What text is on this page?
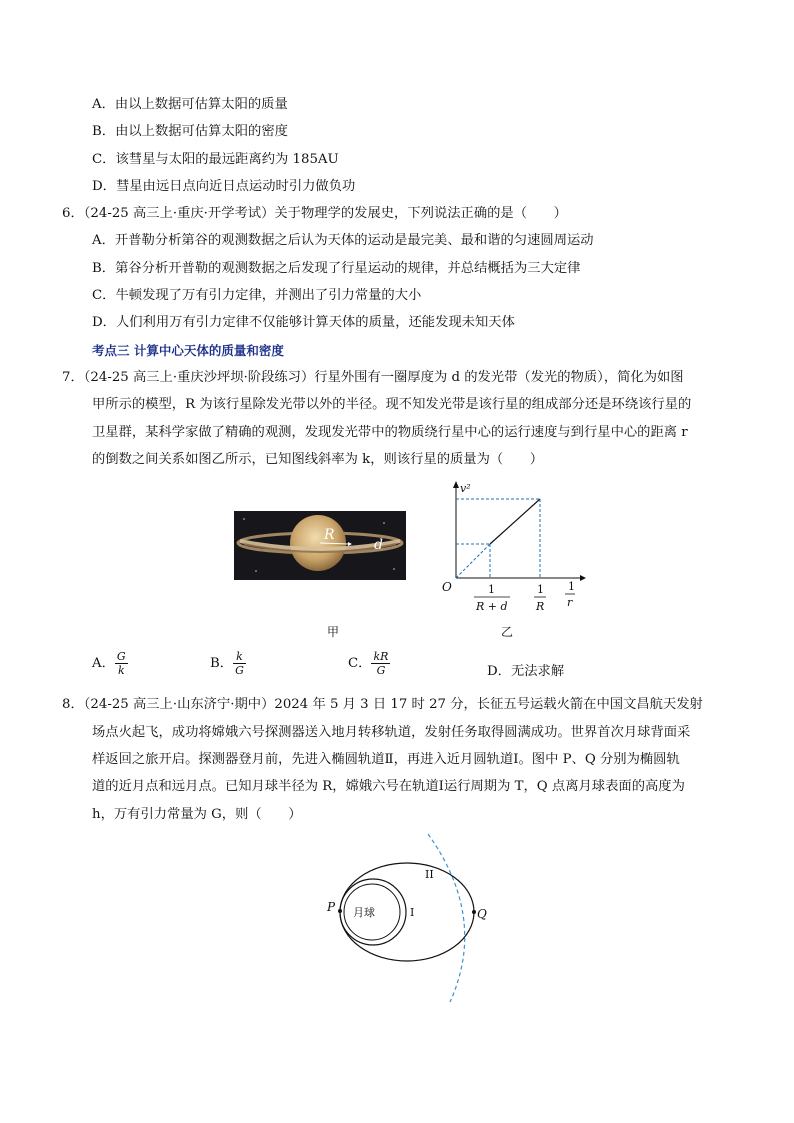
A．由以上数据可估算太阳的质量
B．由以上数据可估算太阳的密度
C．该彗星与太阳的最远距离约为 185AU
D．彗星由远日点向近日点运动时引力做负功
6．（24-25 高三上·重庆·开学考试）关于物理学的发展史，下列说法正确的是（　　）
A．开普勒分析第谷的观测数据之后认为天体的运动是最完美、最和谐的匀速圆周运动
B．第谷分析开普勒的观测数据之后发现了行星运动的规律，并总结概括为三大定律
C．牛顿发现了万有引力定律，并测出了引力常量的大小
D．人们利用万有引力定律不仅能够计算天体的质量，还能发现未知天体
考点三 计算中心天体的质量和密度
7．（24-25 高三上·重庆沙坪坝·阶段练习）行星外围有一圈厚度为 d 的发光带（发光的物质），简化为如图
甲所示的模型，R 为该行星除发光带以外的半径。现不知发光带是该行星的组成部分还是环绕该行星的
卫星群，某科学家做了精确的观测，发现发光带中的物质绕行星中心的运行速度与到行星中心的距离 r
的倒数之间关系如图乙所示，已知图线斜率为 k，则该行星的质量为（　　）
R
d
v²
O	1
R + d
1
R
1
r
甲	乙
A． $\frac{G}{k}$	B． $\frac{k}{G}$	C． $\frac{kR}{G}$	D．无法求解
8．（24-25 高三上·山东济宁·期中）2024 年 5 月 3 日 17 时 27 分，长征五号运载火箭在中国文昌航天发射
场点火起飞，成功将嫦娥六号探测器送入地月转移轨道，发射任务取得圆满成功。世界首次月球背面采
样返回之旅开启。探测器登月前，先进入椭圆轨道Ⅱ，再进入近月圆轨道Ⅰ。图中 P、Q 分别为椭圆轨
道的近月点和远月点。已知月球半径为 R，嫦娥六号在轨道Ⅰ运行周期为 T，Q 点离月球表面的高度为
h，万有引力常量为 G，则（　　）
月球	I
II
P	Q
